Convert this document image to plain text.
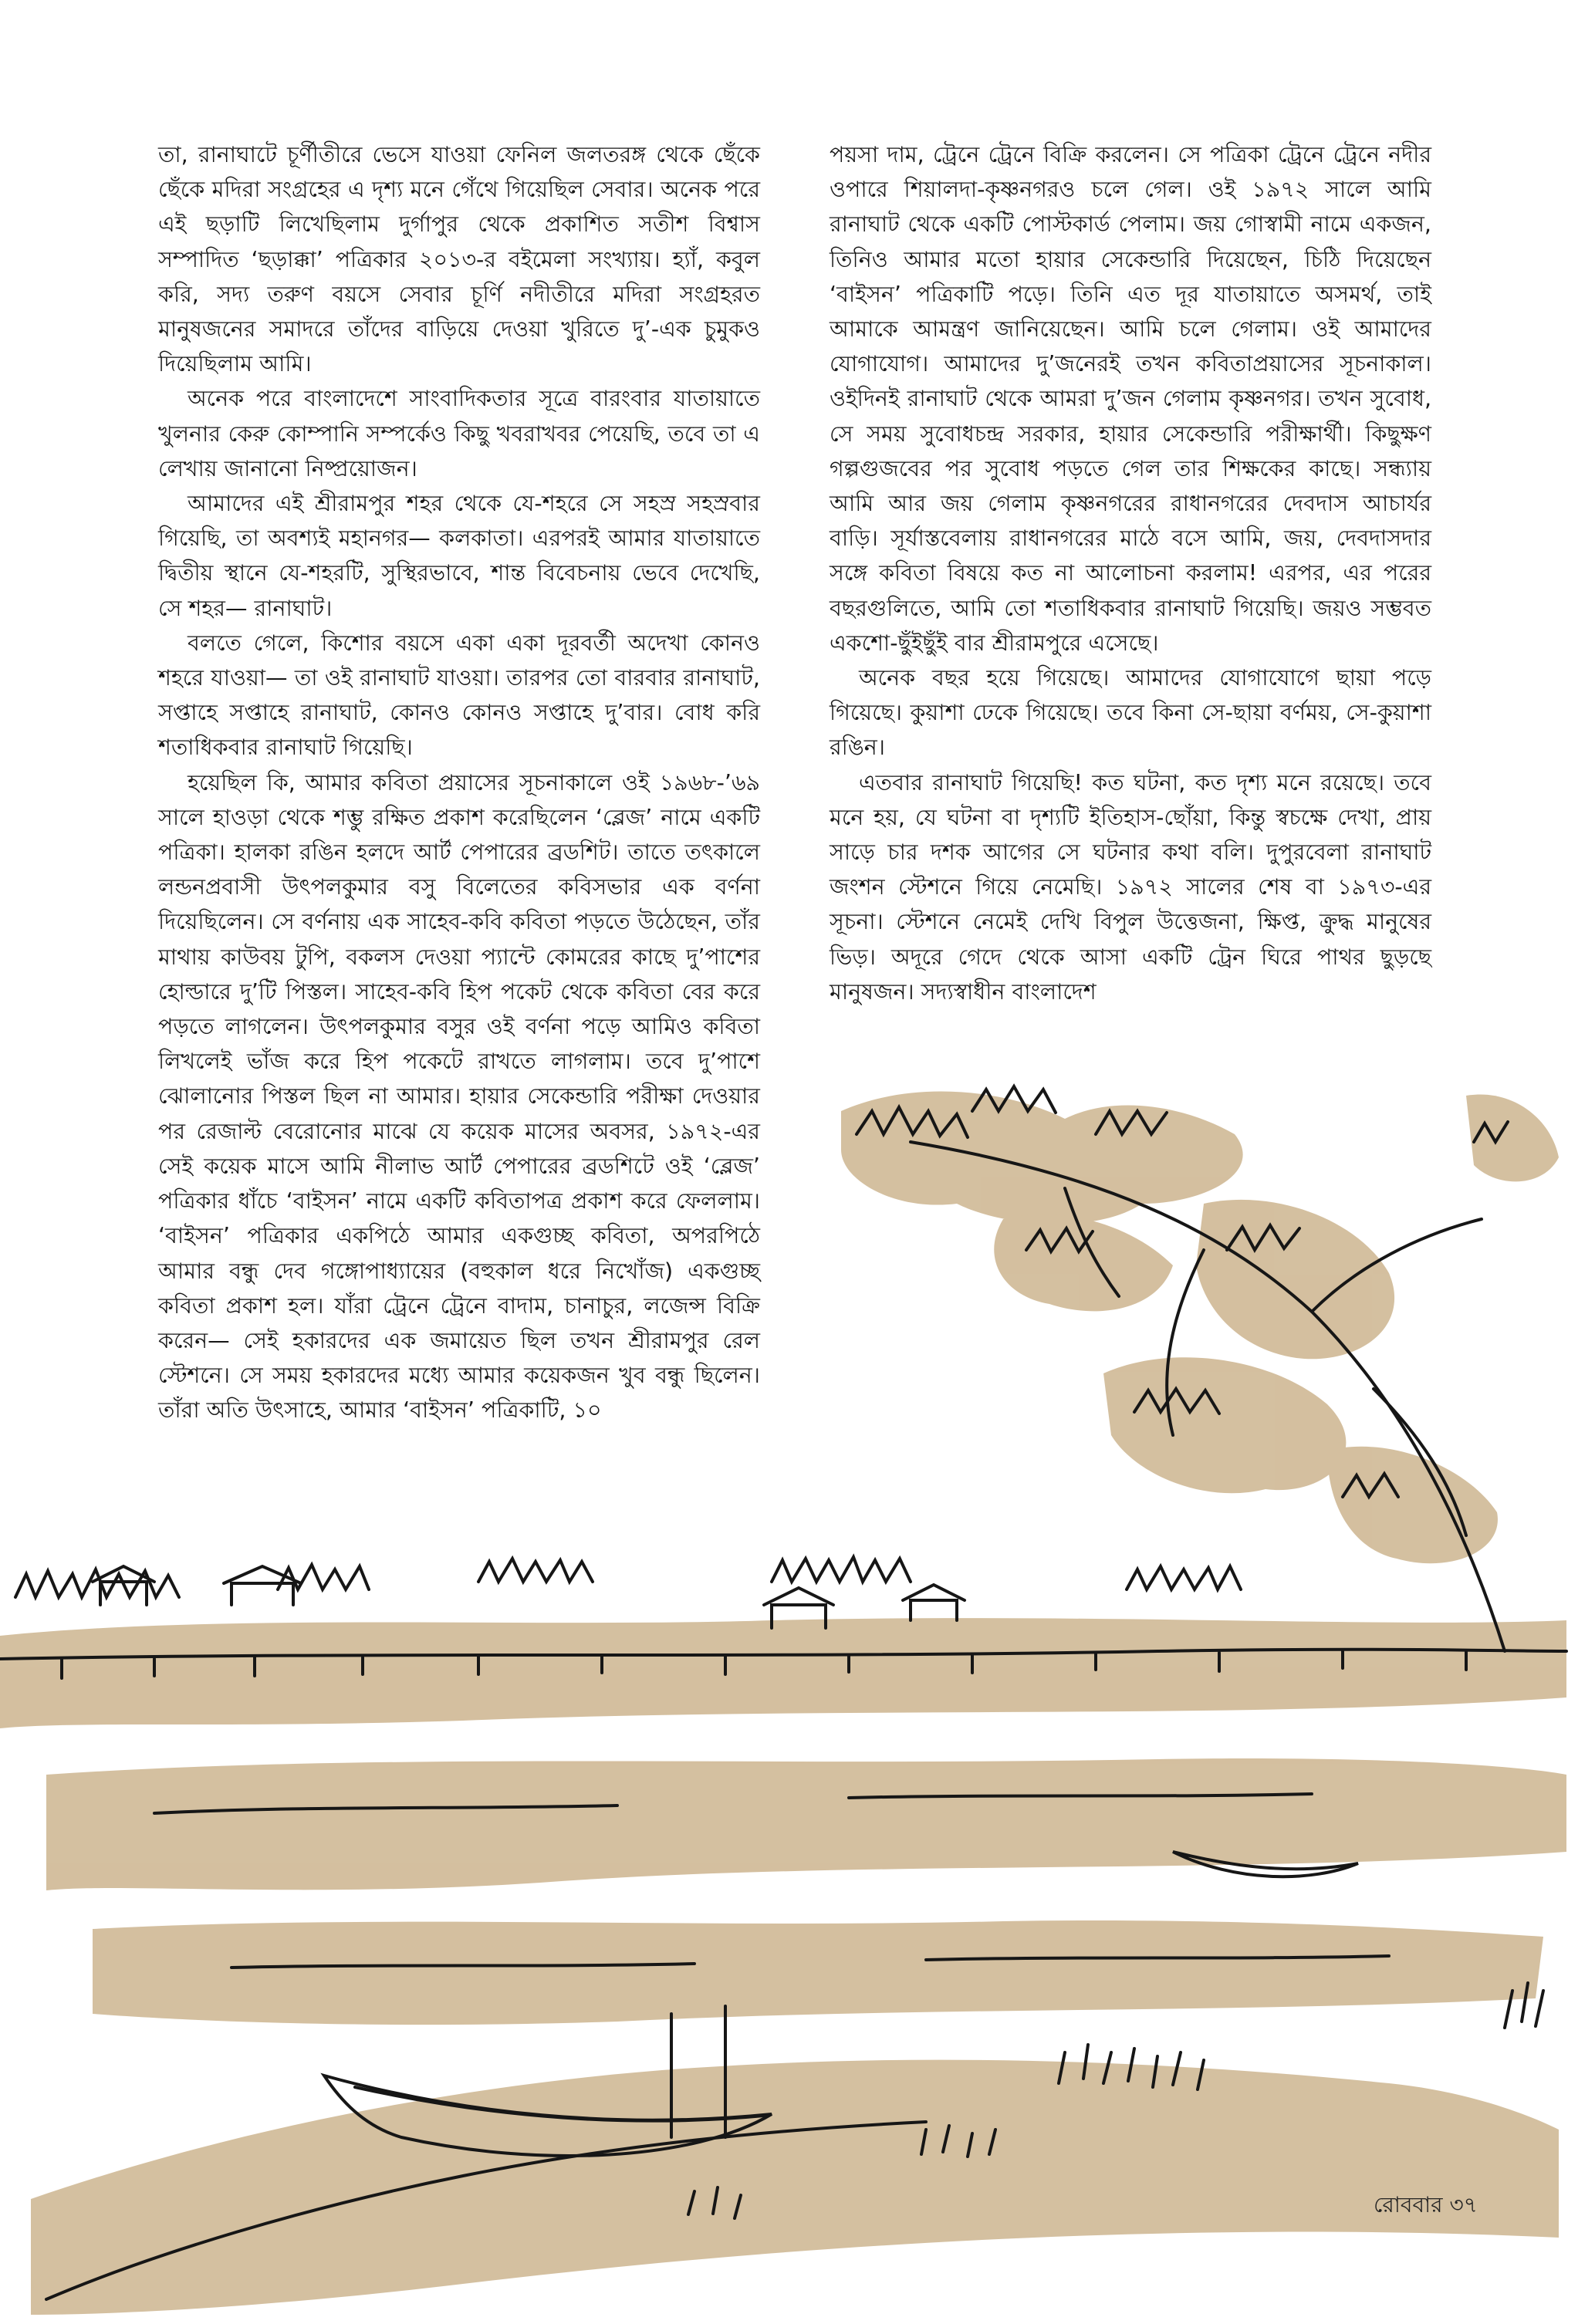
তা, রানাঘাটে চূর্ণীতীরে ভেসে যাওয়া ফেনিল জলতরঙ্গ থেকে ছেঁকে ছেঁকে মদিরা সংগ্রহের এ দৃশ্য মনে গেঁথে গিয়েছিল সেবার। অনেক পরে এই ছড়াটি লিখেছিলাম দুর্গাপুর থেকে প্রকাশিত সতীশ বিশ্বাস সম্পাদিত ‘ছড়াক্কা’ পত্রিকার ২০১৩-র বইমেলা সংখ্যায়। হ্যাঁ, কবুল করি, সদ্য তরুণ বয়সে সেবার চূর্ণি নদীতীরে মদিরা সংগ্রহরত মানুষজনের সমাদরে তাঁদের বাড়িয়ে দেওয়া খুরিতে দু’-এক চুমুকও দিয়েছিলাম আমি।

অনেক পরে বাংলাদেশে সাংবাদিকতার সূত্রে বারংবার যাতায়াতে খুলনার কেরু কোম্পানি সম্পর্কেও কিছু খবরাখবর পেয়েছি, তবে তা এ লেখায় জানানো নিষ্প্রয়োজন।

আমাদের এই শ্রীরামপুর শহর থেকে যে-শহরে সে সহস্র সহস্রবার গিয়েছি, তা অবশ্যই মহানগর— কলকাতা। এরপরই আমার যাতায়াতে দ্বিতীয় স্থানে যে-শহরটি, সুস্থিরভাবে, শান্ত বিবেচনায় ভেবে দেখেছি, সে শহর— রানাঘাট।

বলতে গেলে, কিশোর বয়সে একা একা দূরবর্তী অদেখা কোনও শহরে যাওয়া— তা ওই রানাঘাট যাওয়া। তারপর তো বারবার রানাঘাট, সপ্তাহে সপ্তাহে রানাঘাট, কোনও কোনও সপ্তাহে দু’বার। বোধ করি শতাধিকবার রানাঘাট গিয়েছি।

হয়েছিল কি, আমার কবিতা প্রয়াসের সূচনাকালে ওই ১৯৬৮-’৬৯ সালে হাওড়া থেকে শম্ভু রক্ষিত প্রকাশ করেছিলেন ‘ব্লেজ’ নামে একটি পত্রিকা। হালকা রঙিন হলদে আর্ট পেপারের ব্রডশিট। তাতে তৎকালে লন্ডনপ্রবাসী উৎপলকুমার বসু বিলেতের কবিসভার এক বর্ণনা দিয়েছিলেন। সে বর্ণনায় এক সাহেব-কবি কবিতা পড়তে উঠেছেন, তাঁর মাথায় কাউবয় টুপি, বকলস দেওয়া প্যান্টে কোমরের কাছে দু’পাশের হোল্ডারে দু’টি পিস্তল। সাহেব-কবি হিপ পকেট থেকে কবিতা বের করে পড়তে লাগলেন। উৎপলকুমার বসুর ওই বর্ণনা পড়ে আমিও কবিতা লিখলেই ভাঁজ করে হিপ পকেটে রাখতে লাগলাম। তবে দু’পাশে ঝোলানোর পিস্তল ছিল না আমার। হায়ার সেকেন্ডারি পরীক্ষা দেওয়ার পর রেজাল্ট বেরোনোর মাঝে যে কয়েক মাসের অবসর, ১৯৭২-এর সেই কয়েক মাসে আমি নীলাভ আর্ট পেপারের ব্রডশিটে ওই ‘ব্লেজ’ পত্রিকার ধাঁচে ‘বাইসন’ নামে একটি কবিতাপত্র প্রকাশ করে ফেললাম। ‘বাইসন’ পত্রিকার একপিঠে আমার একগুচ্ছ কবিতা, অপরপিঠে আমার বন্ধু দেব গঙ্গোপাধ্যায়ের (বহুকাল ধরে নিখোঁজ) একগুচ্ছ কবিতা প্রকাশ হল। যাঁরা ট্রেনে ট্রেনে বাদাম, চানাচুর, লজেন্স বিক্রি করেন— সেই হকারদের এক জমায়েত ছিল তখন শ্রীরামপুর রেল স্টেশনে। সে সময় হকারদের মধ্যে আমার কয়েকজন খুব বন্ধু ছিলেন। তাঁরা অতি উৎসাহে, আমার ‘বাইসন’ পত্রিকাটি, ১০

পয়সা দাম, ট্রেনে ট্রেনে বিক্রি করলেন। সে পত্রিকা ট্রেনে ট্রেনে নদীর ওপারে শিয়ালদা-কৃষ্ণনগরও চলে গেল। ওই ১৯৭২ সালে আমি রানাঘাট থেকে একটি পোস্টকার্ড পেলাম। জয় গোস্বামী নামে একজন, তিনিও আমার মতো হায়ার সেকেন্ডারি দিয়েছেন, চিঠি দিয়েছেন ‘বাইসন’ পত্রিকাটি পড়ে। তিনি এত দূর যাতায়াতে অসমর্থ, তাই আমাকে আমন্ত্রণ জানিয়েছেন। আমি চলে গেলাম। ওই আমাদের যোগাযোগ। আমাদের দু’জনেরই তখন কবিতাপ্রয়াসের সূচনাকাল। ওইদিনই রানাঘাট থেকে আমরা দু’জন গেলাম কৃষ্ণনগর। তখন সুবোধ, সে সময় সুবোধচন্দ্র সরকার, হায়ার সেকেন্ডারি পরীক্ষার্থী। কিছুক্ষণ গল্পগুজবের পর সুবোধ পড়তে গেল তার শিক্ষকের কাছে। সন্ধ্যায় আমি আর জয় গেলাম কৃষ্ণনগরের রাধানগরের দেবদাস আচার্যর বাড়ি। সূর্যাস্তবেলায় রাধানগরের মাঠে বসে আমি, জয়, দেবদাসদার সঙ্গে কবিতা বিষয়ে কত না আলোচনা করলাম! এরপর, এর পরের বছরগুলিতে, আমি তো শতাধিকবার রানাঘাট গিয়েছি। জয়ও সম্ভবত একশো-ছুঁইছুঁই বার শ্রীরামপুরে এসেছে।

অনেক বছর হয়ে গিয়েছে। আমাদের যোগাযোগে ছায়া পড়ে গিয়েছে। কুয়াশা ঢেকে গিয়েছে। তবে কিনা সে-ছায়া বর্ণময়, সে-কুয়াশা রঙিন।

এতবার রানাঘাট গিয়েছি! কত ঘটনা, কত দৃশ্য মনে রয়েছে। তবে মনে হয়, যে ঘটনা বা দৃশ্যটি ইতিহাস-ছোঁয়া, কিন্তু স্বচক্ষে দেখা, প্রায় সাড়ে চার দশক আগের সে ঘটনার কথা বলি। দুপুরবেলা রানাঘাট জংশন স্টেশনে গিয়ে নেমেছি। ১৯৭২ সালের শেষ বা ১৯৭৩-এর সূচনা। স্টেশনে নেমেই দেখি বিপুল উত্তেজনা, ক্ষিপ্ত, ক্রুদ্ধ মানুষের ভিড়। অদূরে গেদে থেকে আসা একটি ট্রেন ঘিরে পাথর ছুড়ছে মানুষজন। সদ্যস্বাধীন বাংলাদেশ

রোববার ৩৭
